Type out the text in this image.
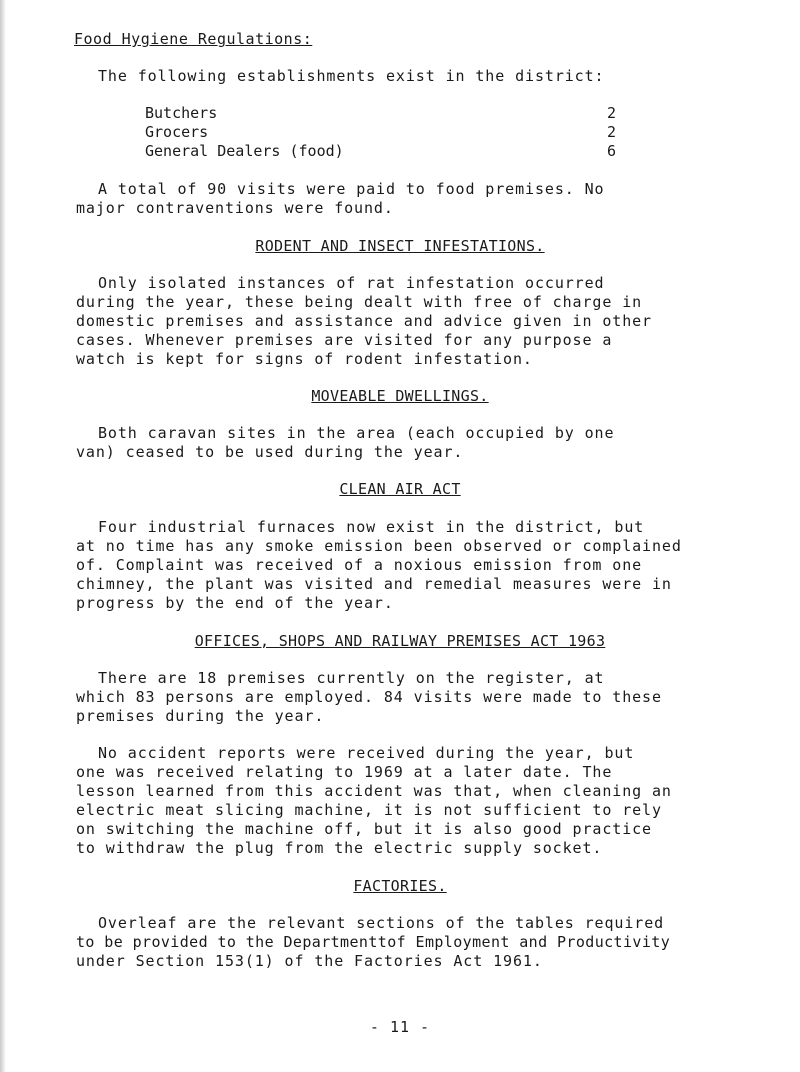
Food Hygiene Regulations:
The following establishments exist in the district:
Butchers	2
Grocers	2
General Dealers (food)	6
A total of 90 visits were paid to food premises. No
major contraventions were found.
RODENT AND INSECT INFESTATIONS.
Only isolated instances of rat infestation occurred
during the year, these being dealt with free of charge in
domestic premises and assistance and advice given in other
cases. Whenever premises are visited for any purpose a
watch is kept for signs of rodent infestation.
MOVEABLE DWELLINGS.
Both caravan sites in the area (each occupied by one
van) ceased to be used during the year.
CLEAN AIR ACT
Four industrial furnaces now exist in the district, but
at no time has any smoke emission been observed or complained
of. Complaint was received of a noxious emission from one
chimney, the plant was visited and remedial measures were in
progress by the end of the year.
OFFICES, SHOPS AND RAILWAY PREMISES ACT 1963
There are 18 premises currently on the register, at
which 83 persons are employed. 84 visits were made to these
premises during the year.
No accident reports were received during the year, but
one was received relating to 1969 at a later date. The
lesson learned from this accident was that, when cleaning an
electric meat slicing machine, it is not sufficient to rely
on switching the machine off, but it is also good practice
to withdraw the plug from the electric supply socket.
FACTORIES.
Overleaf are the relevant sections of the tables required
to be provided to the Departmenttof Employment and Productivity
under Section 153(1) of the Factories Act 1961.
- 11 -
